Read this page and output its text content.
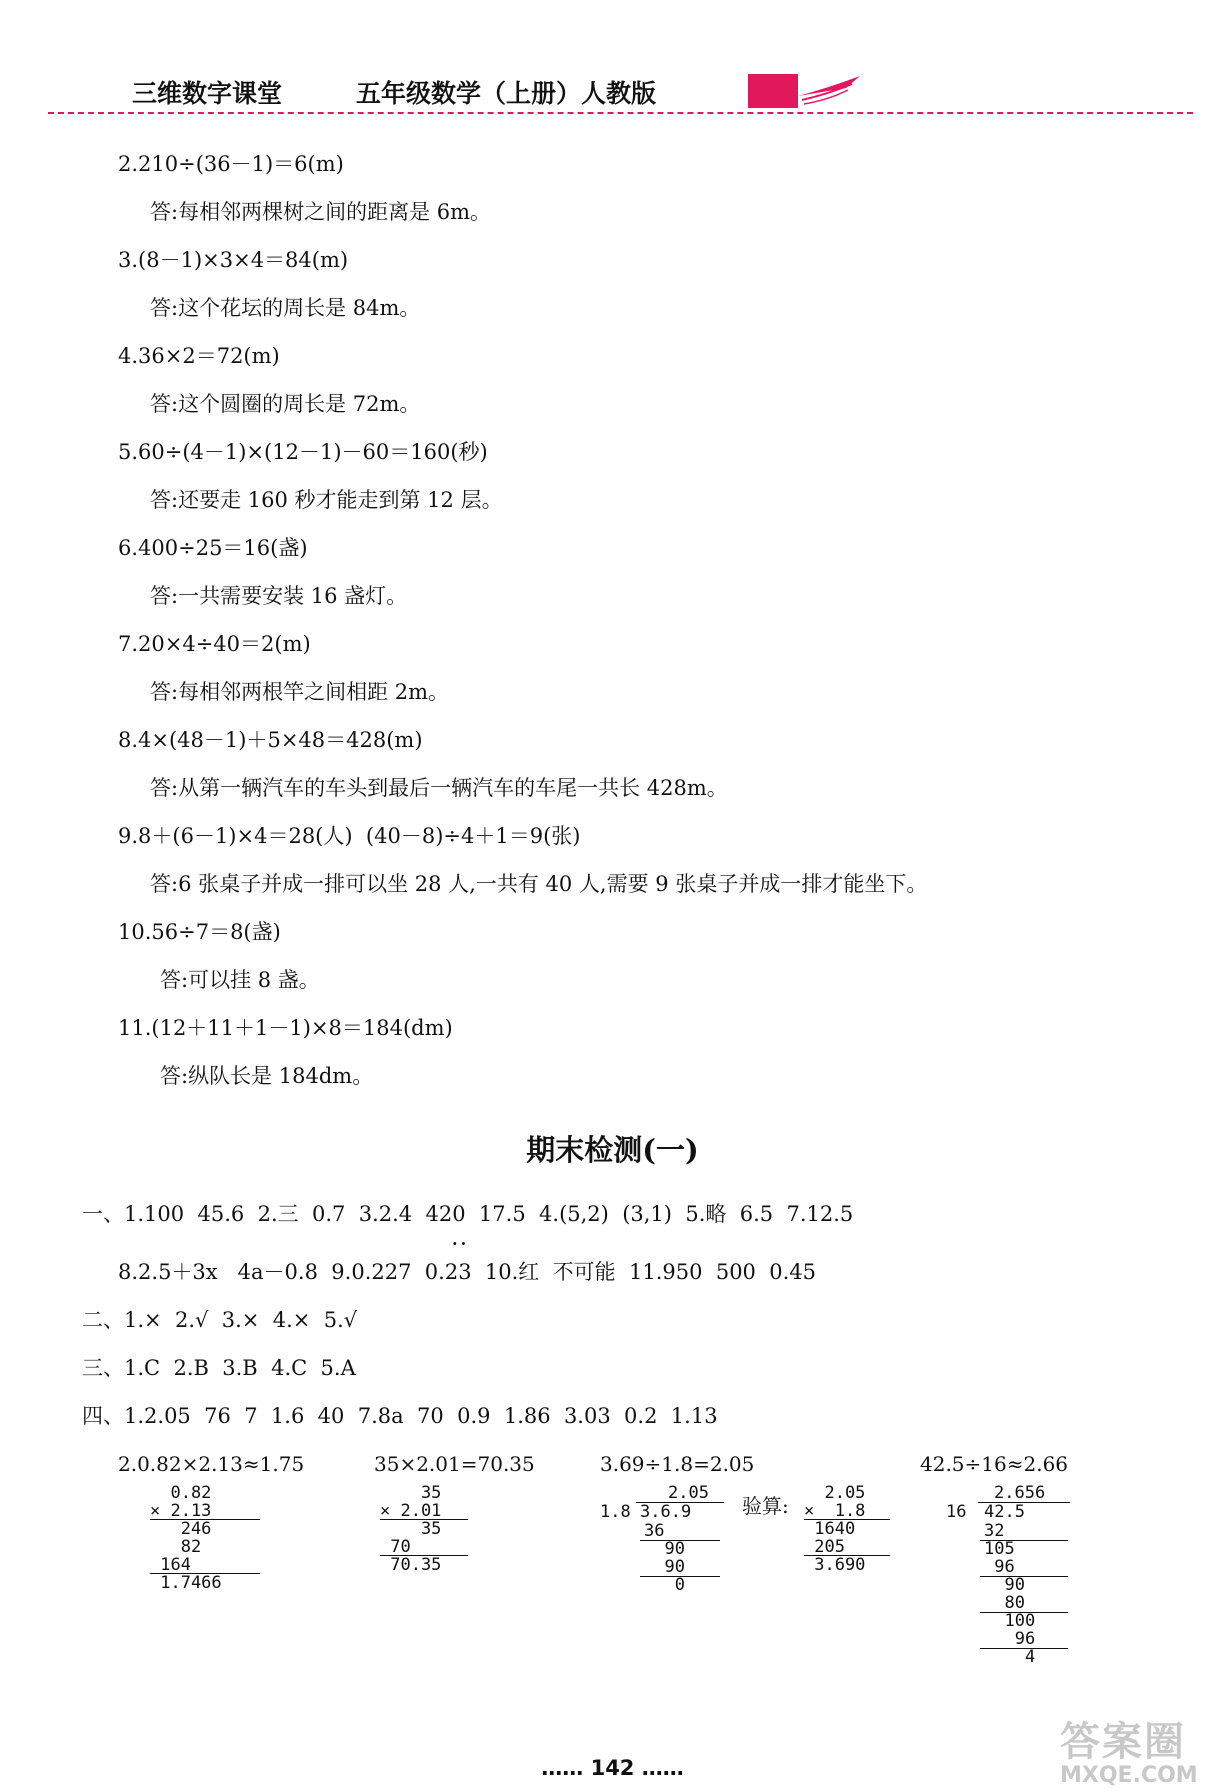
三维数字课堂	五年级数学（上册）人教版
2.210÷(36－1)＝6(m)
答:每相邻两棵树之间的距离是 6m。
3.(8－1)×3×4＝84(m)
答:这个花坛的周长是 84m。
4.36×2＝72(m)
答:这个圆圈的周长是 72m。
5.60÷(4－1)×(12－1)－60＝160(秒)
答:还要走 160 秒才能走到第 12 层。
6.400÷25＝16(盏)
答:一共需要安装 16 盏灯。
7.20×4÷40＝2(m)
答:每相邻两根竿之间相距 2m。
8.4×(48－1)＋5×48＝428(m)
答:从第一辆汽车的车头到最后一辆汽车的车尾一共长 428m。
9.8＋(6－1)×4＝28(人)  (40－8)÷4＋1＝9(张)
答:6 张桌子并成一排可以坐 28 人,一共有 40 人,需要 9 张桌子并成一排才能坐下。
10.56÷7＝8(盏)
答:可以挂 8 盏。
11.(12＋11＋1－1)×8＝184(dm)
答:纵队长是 184dm。
期末检测(一)
一、1.100  45.6  2.三  0.7  3.2.4  420  17.5  4.(5,2)  (3,1)  5.略  6.5  7.12.5
··
8.2.5＋3x   4a－0.8  9.0.227  0.23  10.红  不可能  11.950  500  0.45
二、1.×  2.√  3.×  4.×  5.√
三、1.C  2.B  3.B  4.C  5.A
四、1.2.05  76  7  1.6  40  7.8a  70  0.9  1.86  3.03  0.2  1.13
2.0.82×2.13≈1.75
0.82
× 2.13
246
82
164
1.7466
35×2.01=70.35
35
× 2.01
35
70
70.35
3.69÷1.8=2.05
2.05
1.8 3.6.9
36
90
90
0
验算:
2.05
×  1.8
1640
205
3.690
42.5÷16≈2.66
2.656
16 42.5
32
105
96
90
80
100
96
4
…… 142 ……
答案圈
MXQE.COM
